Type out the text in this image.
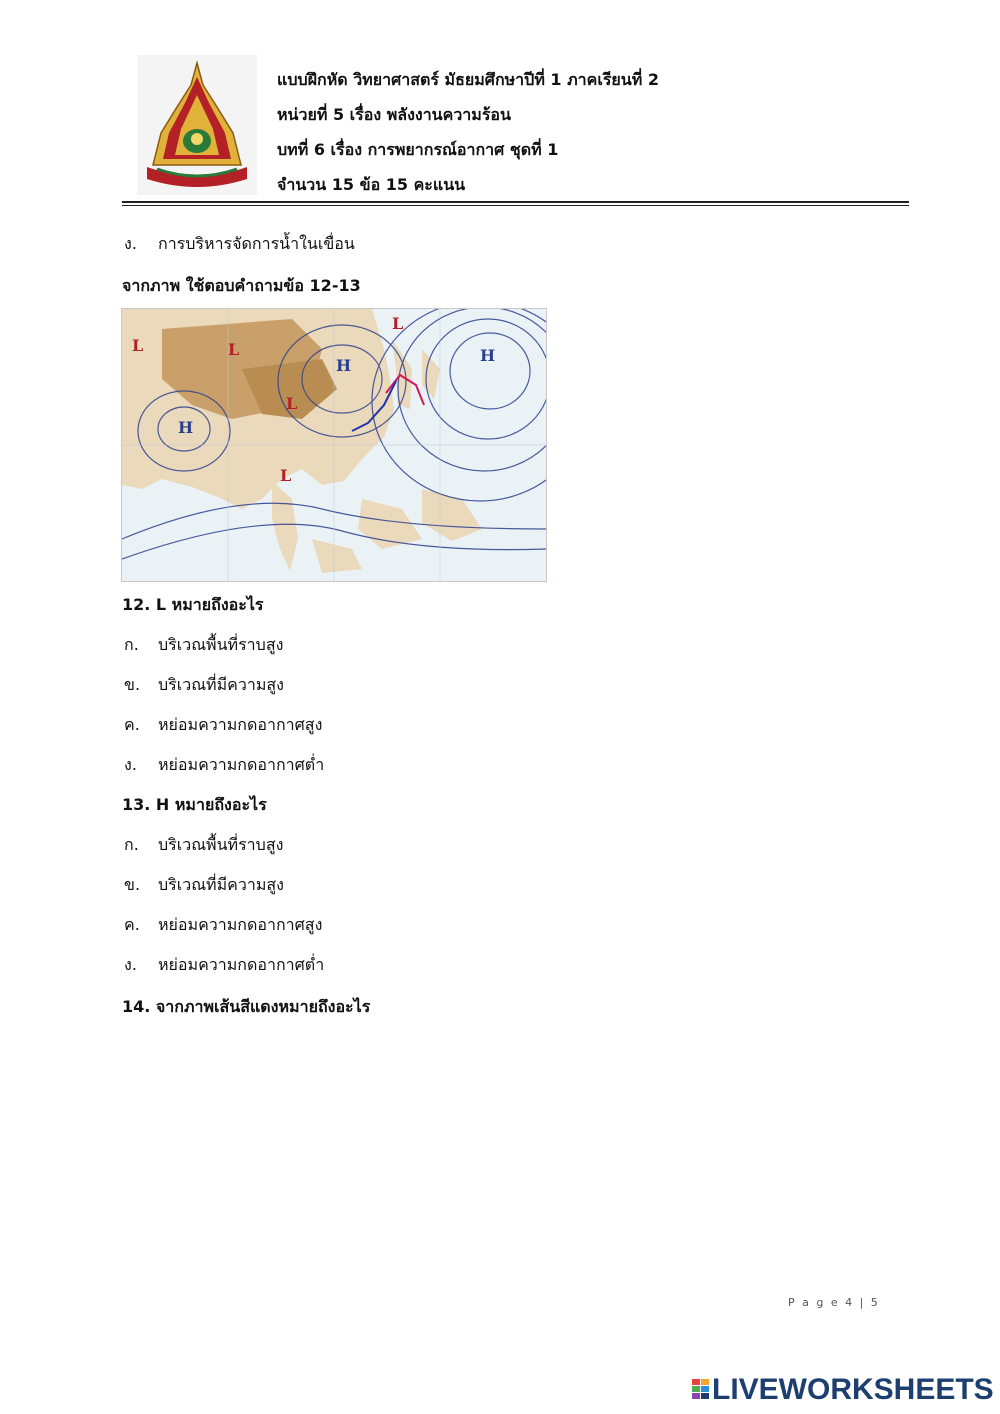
แบบฝึกหัด วิทยาศาสตร์ มัธยมศึกษาปีที่ 1 ภาคเรียนที่ 2
หน่วยที่ 5 เรื่อง พลังงานความร้อน
บทที่ 6 เรื่อง การพยากรณ์อากาศ ชุดที่ 1
จำนวน 15 ข้อ 15 คะแนน
ง. การบริหารจัดการน้ำในเขื่อน
จากภาพ ใช้ตอบคำถามข้อ 12-13
L	L
L
L
L
H
H
H
12. L หมายถึงอะไร
ก. บริเวณพื้นที่ราบสูง
ข. บริเวณที่มีความสูง
ค. หย่อมความกดอากาศสูง
ง. หย่อมความกดอากาศต่ำ
13. H หมายถึงอะไร
ก. บริเวณพื้นที่ราบสูง
ข. บริเวณที่มีความสูง
ค. หย่อมความกดอากาศสูง
ง. หย่อมความกดอากาศต่ำ
14. จากภาพเส้นสีแดงหมายถึงอะไร
P a g e 4 | 5
LIVEWORKSHEETS
